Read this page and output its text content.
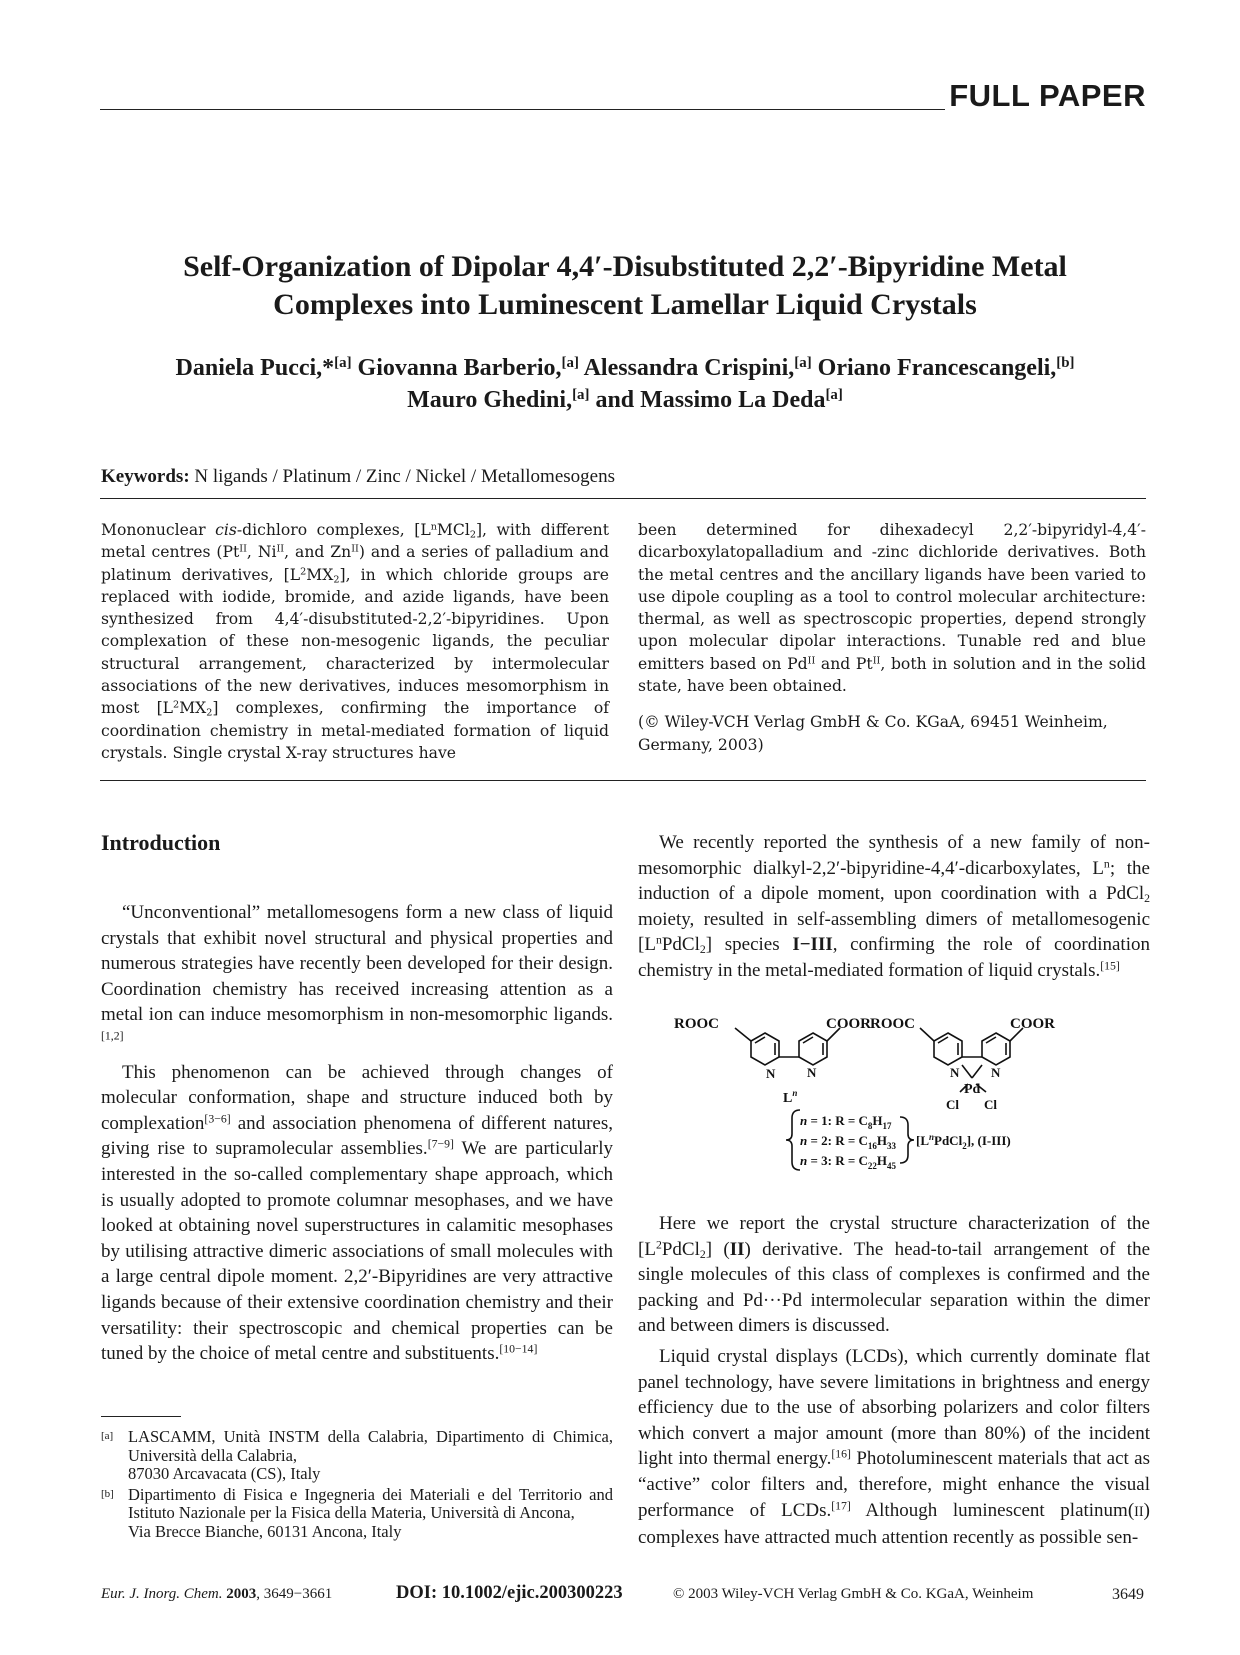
FULL PAPER
Self-Organization of Dipolar 4,4′-Disubstituted 2,2′-Bipyridine Metal
Complexes into Luminescent Lamellar Liquid Crystals
Daniela Pucci,*[a] Giovanna Barberio,[a] Alessandra Crispini,[a] Oriano Francescangeli,[b]
Mauro Ghedini,[a] and Massimo La Deda[a]
Keywords: N ligands / Platinum / Zinc / Nickel / Metallomesogens

Mononuclear cis-dichloro complexes, $[L^nMCl_2]$, with different metal centres ($Pt^{II}$, $Ni^{II}$, and $Zn^{II}$) and a series of palladium and platinum derivatives, $[L^2MX_2]$, in which chloride groups are replaced with iodide, bromide, and azide ligands, have been synthesized from 4,4′-disubstituted-2,2′-bipyridines. Upon complexation of these non-mesogenic ligands, the peculiar structural arrangement, characterized by intermolecular associations of the new derivatives, induces mesomorphism in most $[L^2MX_2]$ complexes, confirming the importance of coordination chemistry in metal-mediated formation of liquid crystals. Single crystal X-ray structures have

been determined for dihexadecyl 2,2′-bipyridyl-4,4′-dicarboxylatopalladium and -zinc dichloride derivatives. Both the metal centres and the ancillary ligands have been varied to use dipole coupling as a tool to control molecular architecture: thermal, as well as spectroscopic properties, depend strongly upon molecular dipolar interactions. Tunable red and blue emitters based on $Pd^{II}$ and $Pt^{II}$, both in solution and in the solid state, have been obtained.

(© Wiley-VCH Verlag GmbH & Co. KGaA, 69451 Weinheim, Germany, 2003)

Introduction

“Unconventional” metallomesogens form a new class of liquid crystals that exhibit novel structural and physical properties and numerous strategies have recently been developed for their design. Coordination chemistry has received increasing attention as a metal ion can induce mesomorphism in non-mesomorphic ligands.[1,2]

This phenomenon can be achieved through changes of molecular conformation, shape and structure induced both by complexation[3−6] and association phenomena of different natures, giving rise to supramolecular assemblies.[7−9] We are particularly interested in the so-called complementary shape approach, which is usually adopted to promote columnar mesophases, and we have looked at obtaining novel superstructures in calamitic mesophases by utilising attractive dimeric associations of small molecules with a large central dipole moment. 2,2′-Bipyridines are very attractive ligands because of their extensive coordination chemistry and their versatility: their spectroscopic and chemical properties can be tuned by the choice of metal centre and substituents.[10−14]

We recently reported the synthesis of a new family of non-mesomorphic dialkyl-2,2′-bipyridine-4,4′-dicarboxylates, $L^n$; the induction of a dipole moment, upon coordination with a PdCl$_2$ moiety, resulted in self-assembling dimers of metallomesogenic $[L^nPdCl_2]$ species I−III, confirming the role of coordination chemistry in the metal-mediated formation of liquid crystals.[15]

ROOC	COOR ROOC	COOR
N N	N N
$L^n$	Pd
Cl Cl
n = 1: $R = C_8H_{17}$
n = 2: $R = C_{16}H_{33}$
n = 3: $R = C_{22}H_{45}$
$[L^nPdCl_2]$, (I-III)

Here we report the crystal structure characterization of the $[L^2PdCl_2]$ (II) derivative. The head-to-tail arrangement of the single molecules of this class of complexes is confirmed and the packing and Pd···Pd intermolecular separation within the dimer and between dimers is discussed.

Liquid crystal displays (LCDs), which currently dominate flat panel technology, have severe limitations in brightness and energy efficiency due to the use of absorbing polarizers and color filters which convert a major amount (more than 80%) of the incident light into thermal energy.[16] Photoluminescent materials that act as “active” color filters and, therefore, might enhance the visual performance of LCDs.[17] Although luminescent platinum(II) complexes have attracted much attention recently as possible sen-

[a] LASCAMM, Unità INSTM della Calabria, Dipartimento di Chimica, Università della Calabria,
87030 Arcavacata (CS), Italy
[b] Dipartimento di Fisica e Ingegneria dei Materiali e del Territorio and Istituto Nazionale per la Fisica della Materia, Università di Ancona,
Via Brecce Bianche, 60131 Ancona, Italy
Eur. J. Inorg. Chem. 2003, 3649−3661	DOI: 10.1002/ejic.200300223	© 2003 Wiley-VCH Verlag GmbH & Co. KGaA, Weinheim	3649
